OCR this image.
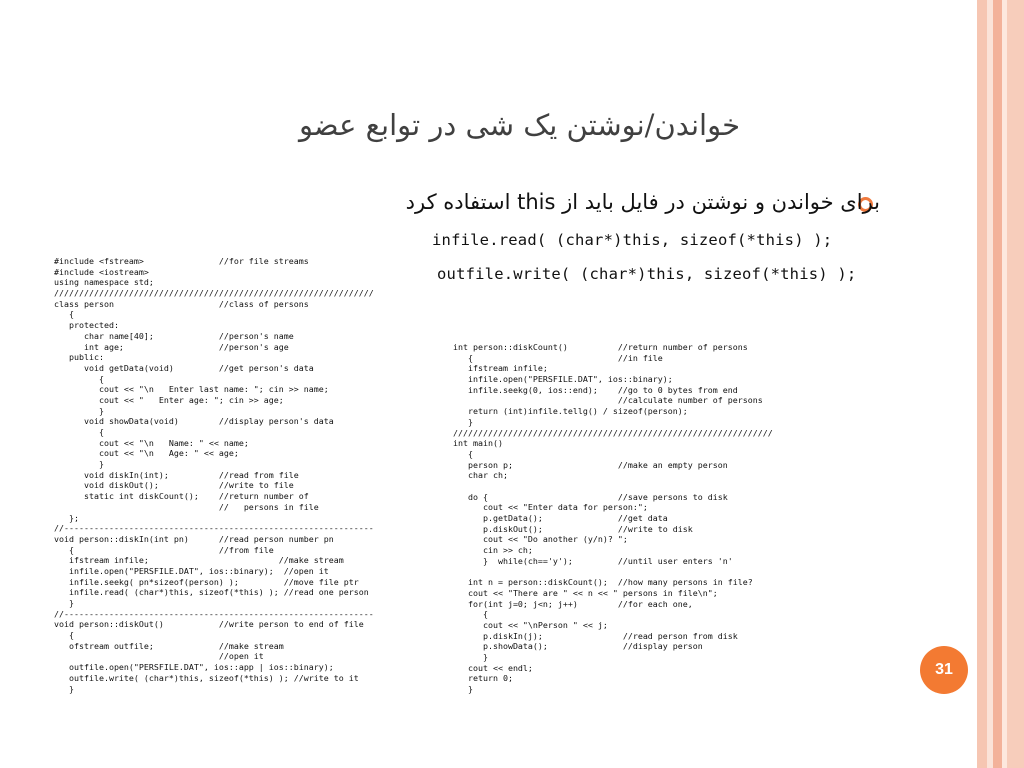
خواندن/نوشتن یک شی در توابع عضو
برای خواندن و نوشتن در فایل باید از this استفاده کرد
infile.read( (char*)this, sizeof(*this) );
outfile.write( (char*)this, sizeof(*this) );
#include <fstream>               //for file streams
#include <iostream>
using namespace std;
////////////////////////////////////////////////////////////////
class person                     //class of persons
{
protected:
char name[40];             //person's name
int age;                   //person's age
public:
void getData(void)         //get person's data
{
cout << "\n   Enter last name: "; cin >> name;
cout << "   Enter age: "; cin >> age;
}
void showData(void)        //display person's data
{
cout << "\n   Name: " << name;
cout << "\n   Age: " << age;
}
void diskIn(int);          //read from file
void diskOut();            //write to file
static int diskCount();    //return number of
//   persons in file
};
//--------------------------------------------------------------
void person::diskIn(int pn)      //read person number pn
{                             //from file
ifstream infile;                          //make stream
infile.open("PERSFILE.DAT", ios::binary);  //open it
infile.seekg( pn*sizeof(person) );         //move file ptr
infile.read( (char*)this, sizeof(*this) ); //read one person
}
//--------------------------------------------------------------
void person::diskOut()           //write person to end of file
{
ofstream outfile;             //make stream
//open it
outfile.open("PERSFILE.DAT", ios::app | ios::binary);
outfile.write( (char*)this, sizeof(*this) ); //write to it
}
int person::diskCount()          //return number of persons
{                             //in file
ifstream infile;
infile.open("PERSFILE.DAT", ios::binary);
infile.seekg(0, ios::end);    //go to 0 bytes from end
//calculate number of persons
return (int)infile.tellg() / sizeof(person);
}
////////////////////////////////////////////////////////////////
int main()
{
person p;                     //make an empty person
char ch;
do {                          //save persons to disk
cout << "Enter data for person:";
p.getData();               //get data
p.diskOut();               //write to disk
cout << "Do another (y/n)? ";
cin >> ch;
}  while(ch=='y');         //until user enters 'n'
int n = person::diskCount();  //how many persons in file?
cout << "There are " << n << " persons in file\n";
for(int j=0; j<n; j++)        //for each one,
{
cout << "\nPerson " << j;
p.diskIn(j);                //read person from disk
p.showData();               //display person
}
cout << endl;
return 0;
}
31
